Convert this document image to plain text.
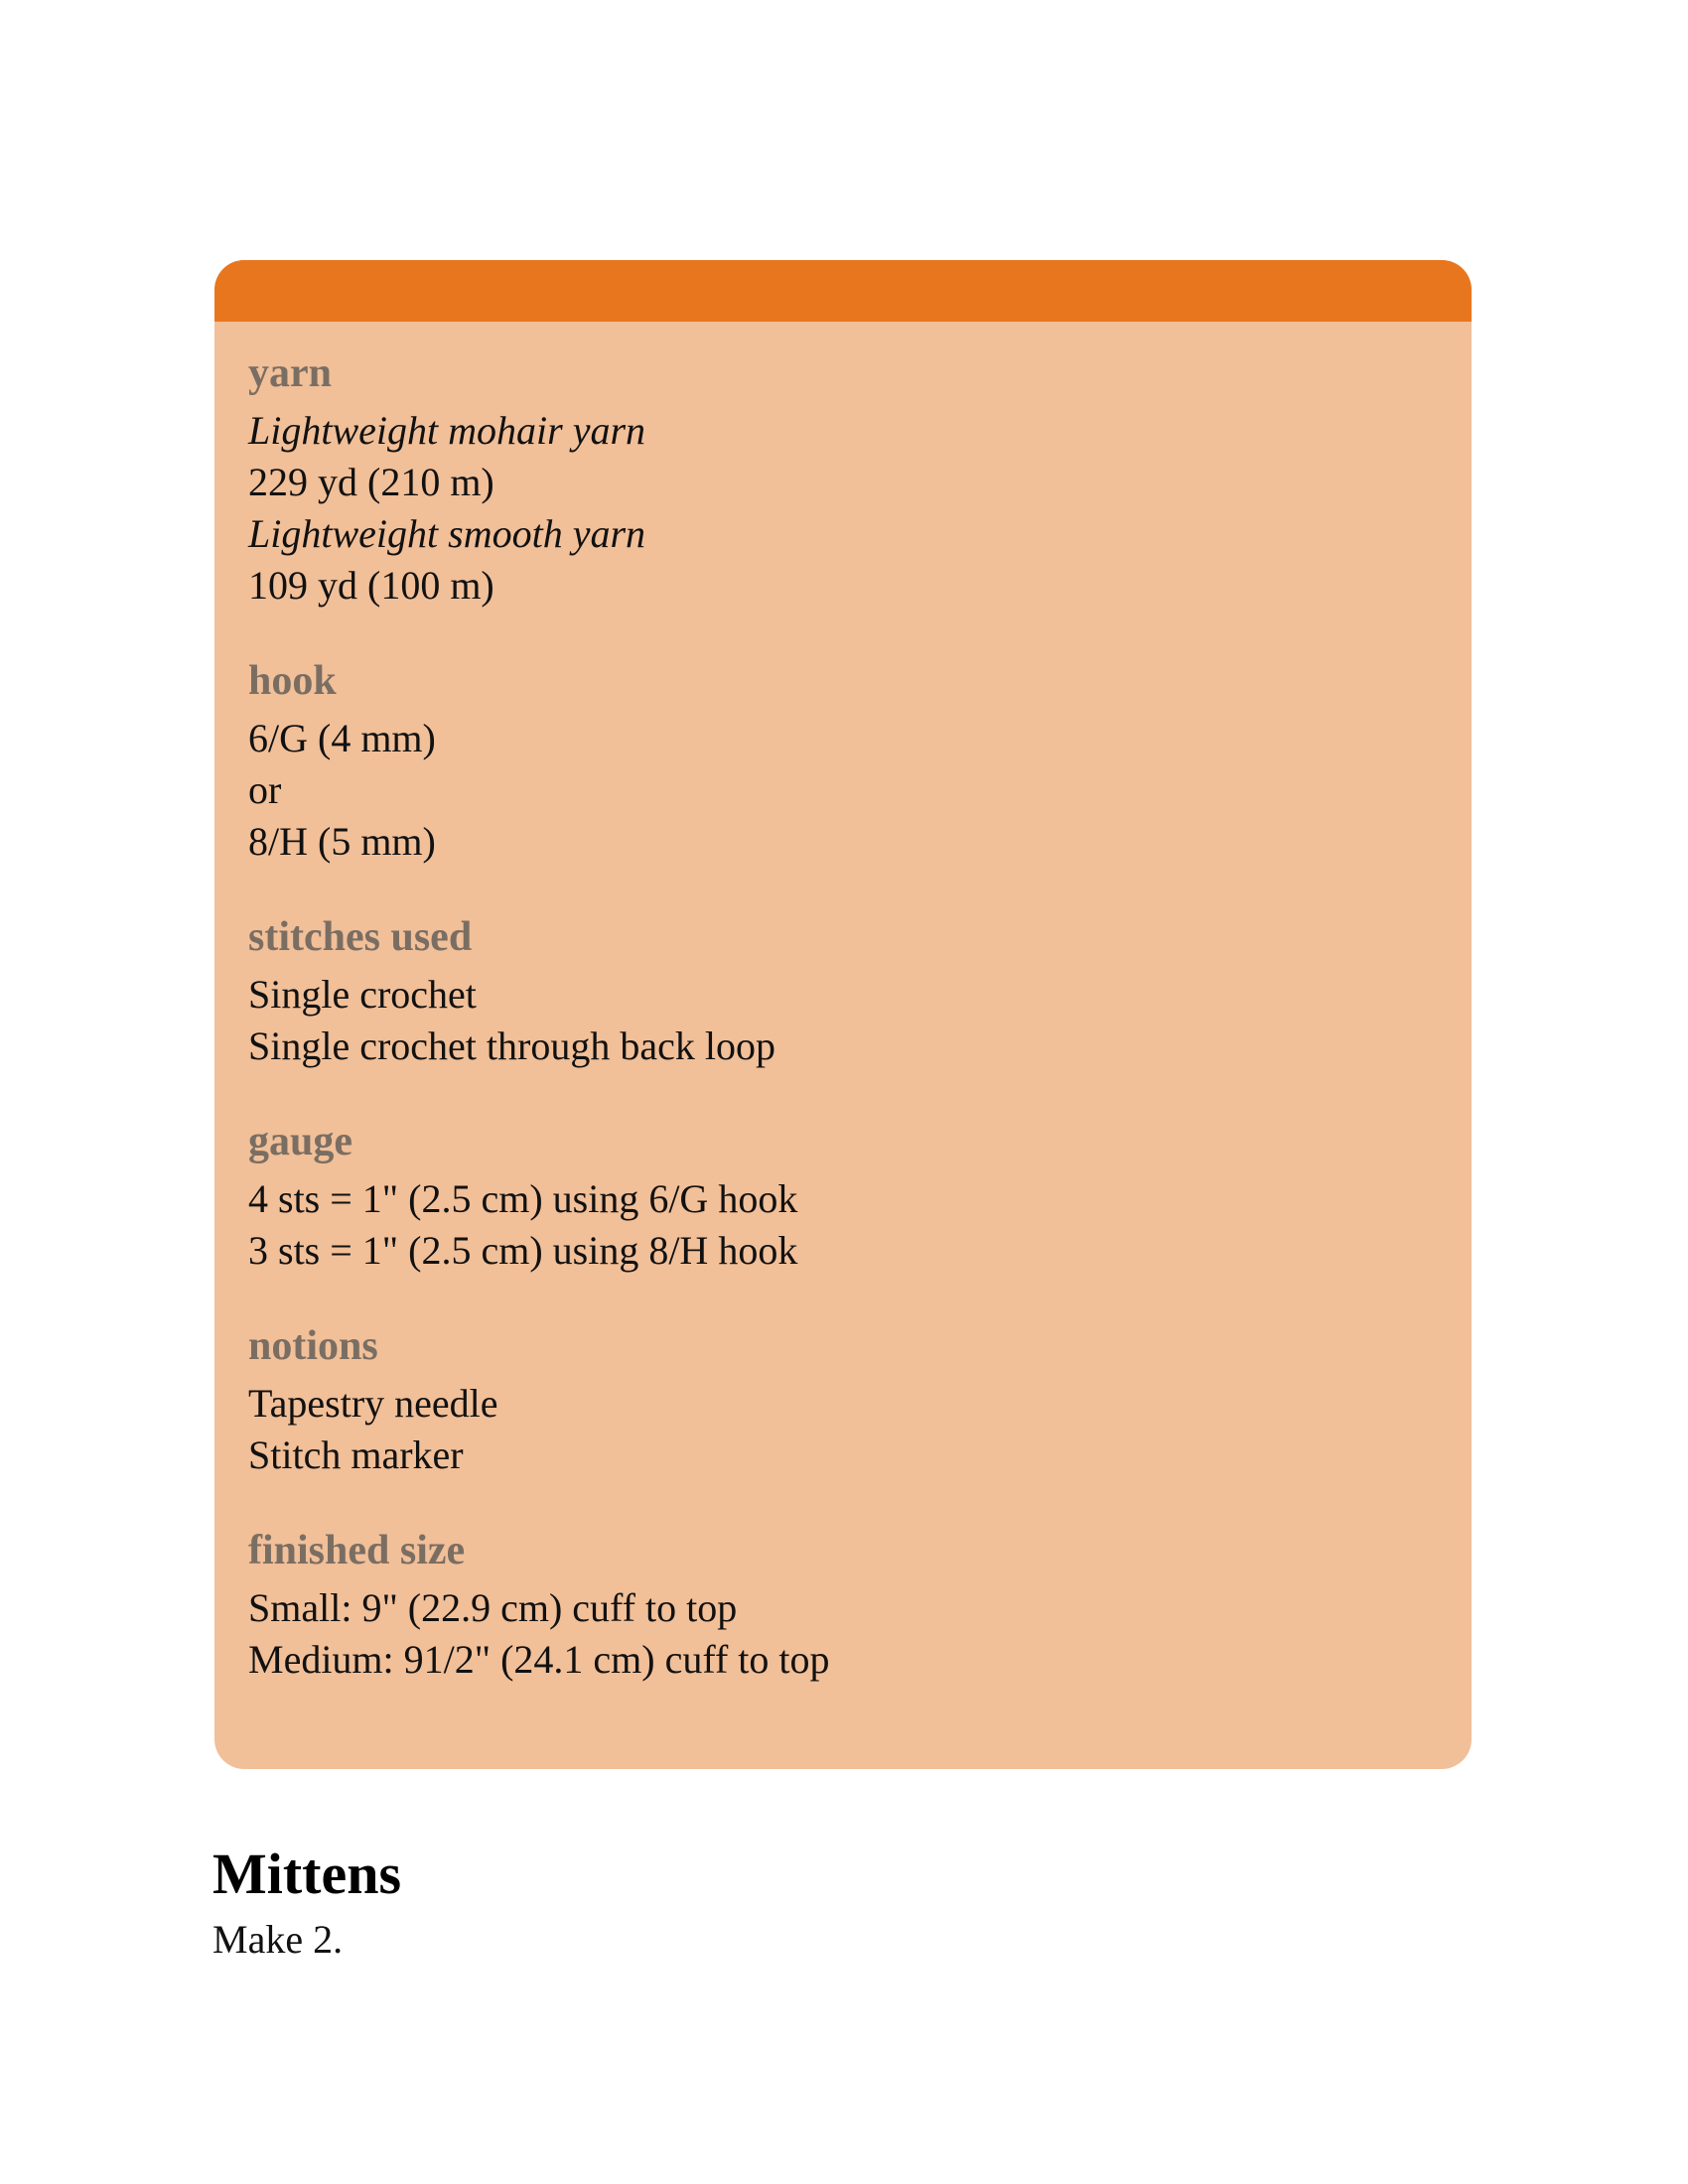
yarn

Lightweight mohair yarn

229 yd (210 m)

Lightweight smooth yarn

109 yd (100 m)

hook

6/G (4 mm)

or

8/H (5 mm)

stitches used

Single crochet

Single crochet through back loop

gauge

4 sts = 1" (2.5 cm) using 6/G hook

3 sts = 1" (2.5 cm) using 8/H hook

notions

Tapestry needle

Stitch marker

finished size

Small: 9" (22.9 cm) cuff to top

Medium: 91/2" (24.1 cm) cuff to top

Mittens

Make 2.
